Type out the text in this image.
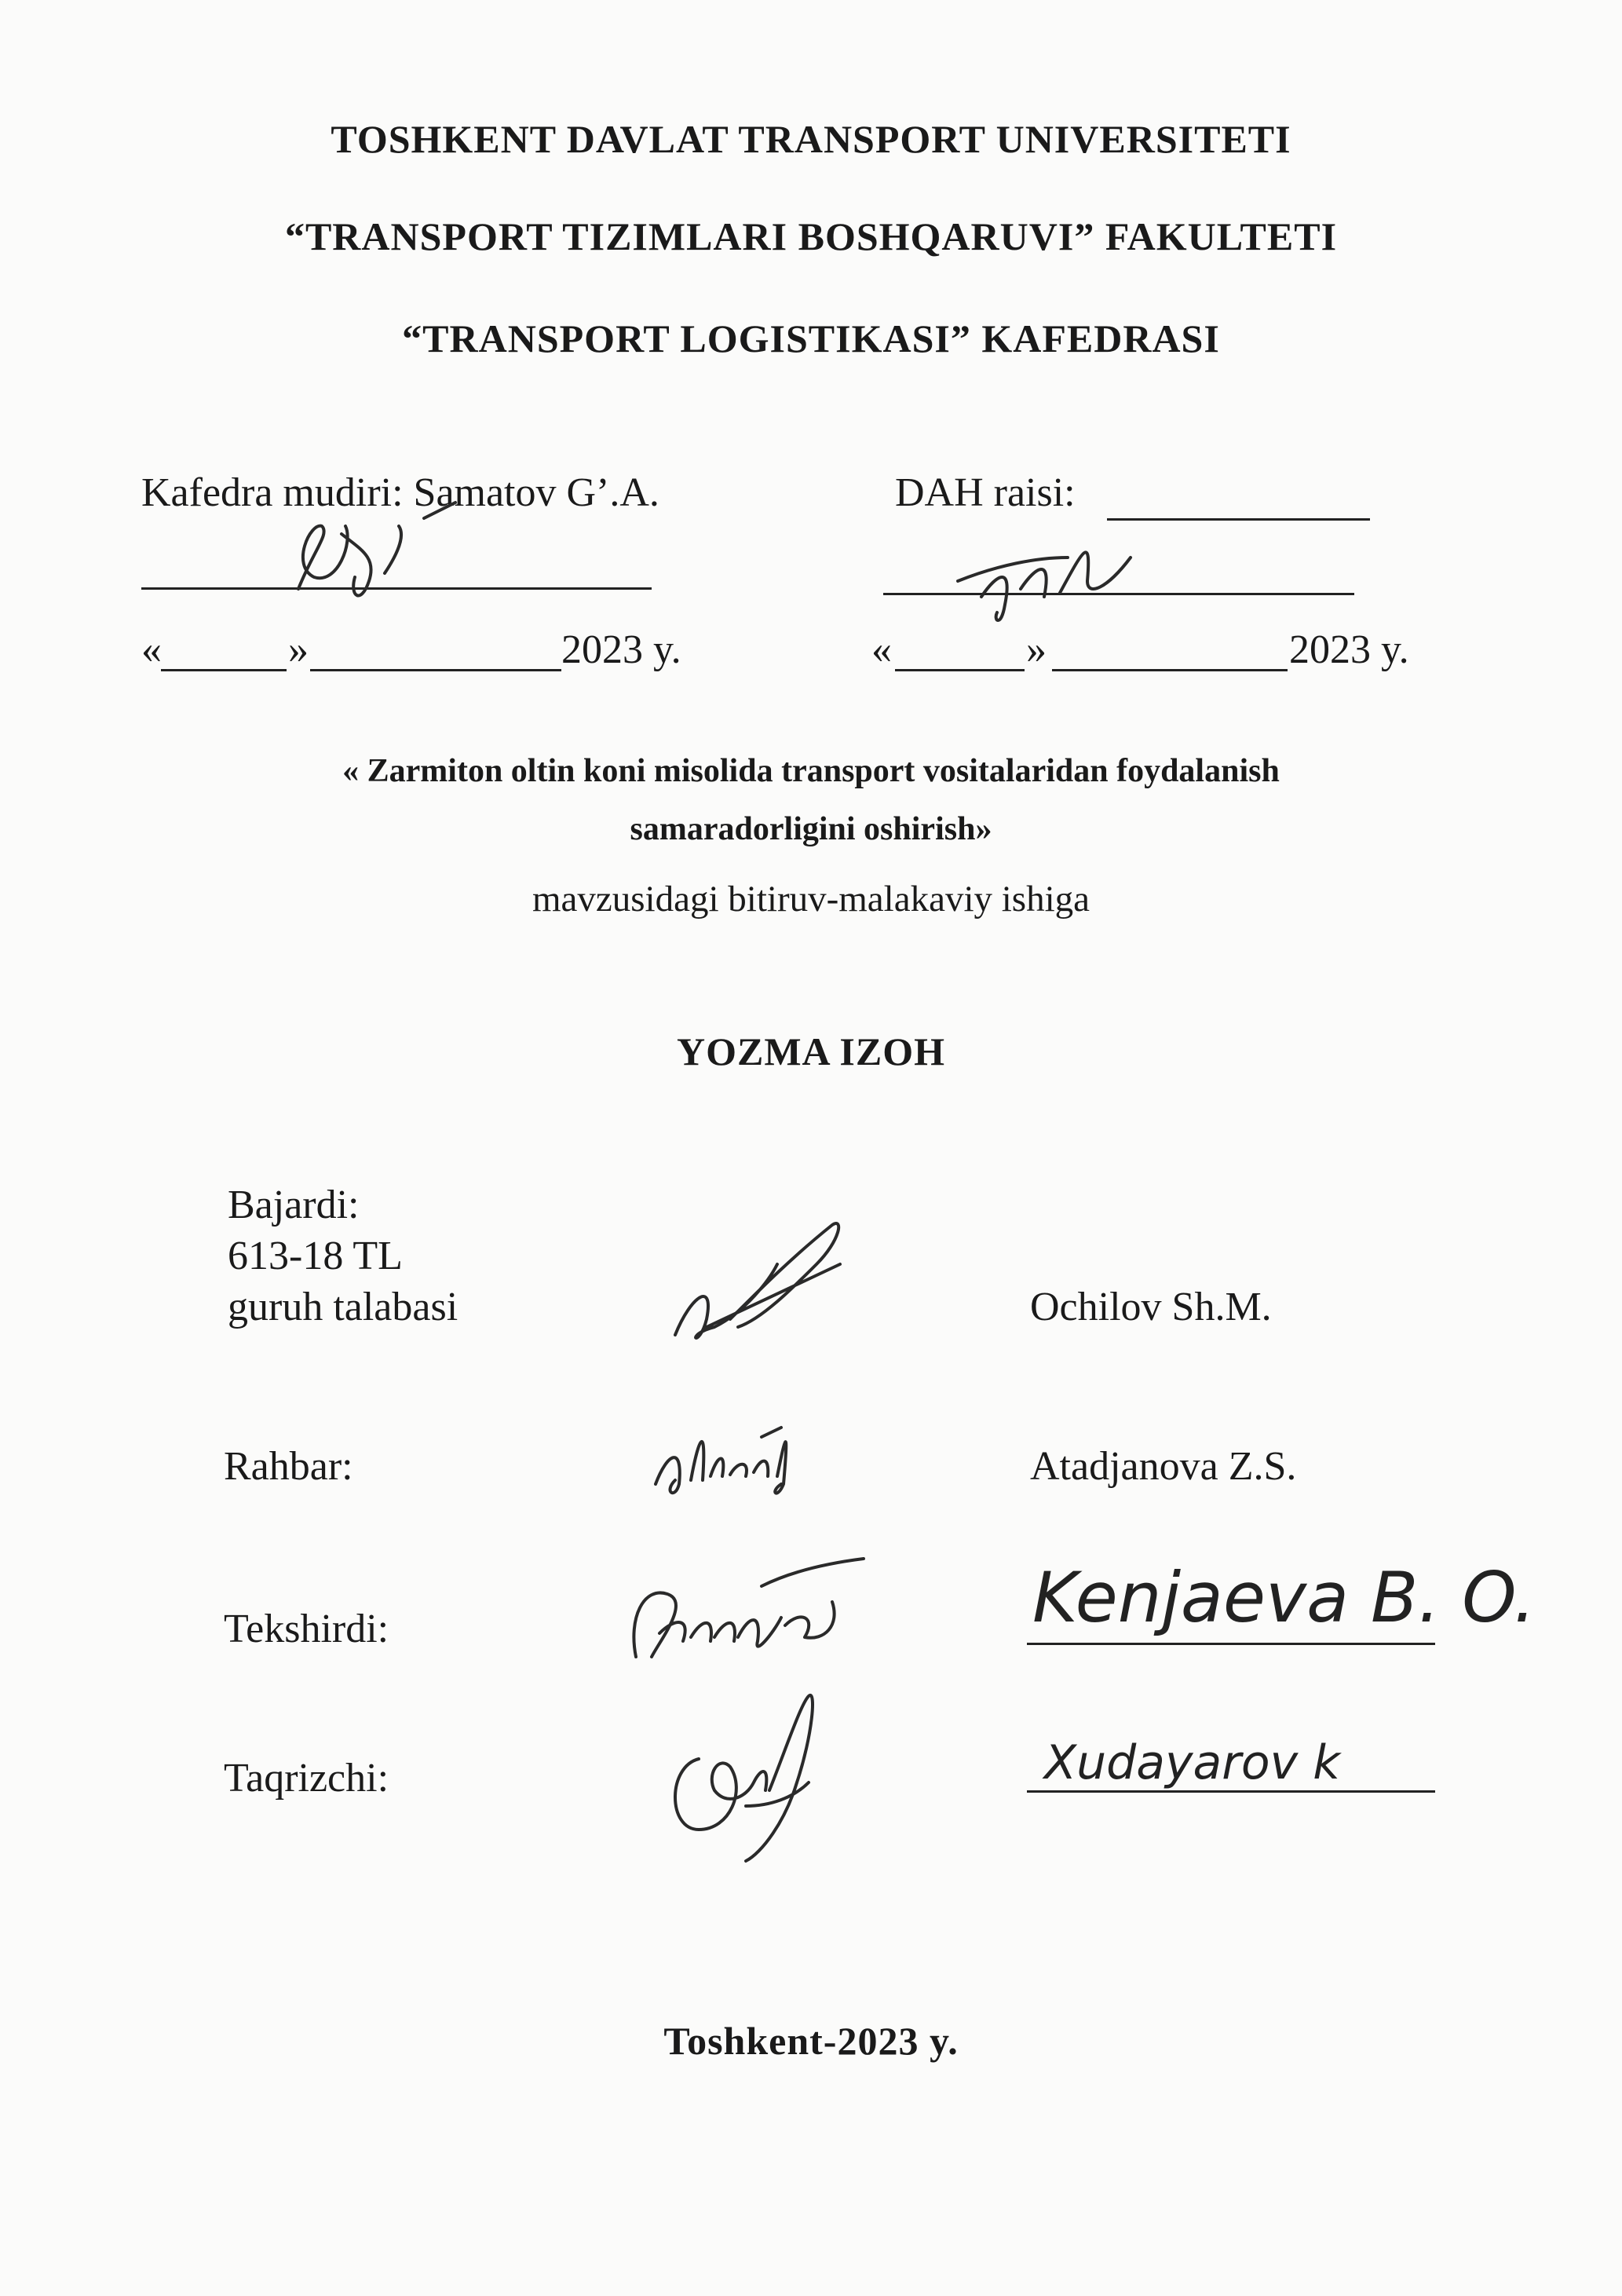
TOSHKENT DAVLAT TRANSPORT UNIVERSITETI
“TRANSPORT TIZIMLARI BOSHQARUVI” FAKULTETI
“TRANSPORT LOGISTIKASI” KAFEDRASI
Kafedra mudiri: Samatov G’.A.
«	»	2023 y.
DAH raisi:
«	»	2023 y.
« Zarmiton oltin koni misolida transport vositalaridan foydalanish
samaradorligini oshirish»
mavzusidagi bitiruv-malakaviy ishiga
YOZMA IZOH
Bajardi:
613-18 TL
guruh talabasi	Ochilov Sh.M.
Rahbar:	Atadjanova Z.S.
Tekshirdi:	Kenjaeva B. O.
Taqrizchi:	Xudayarov k
Toshkent-2023 y.
